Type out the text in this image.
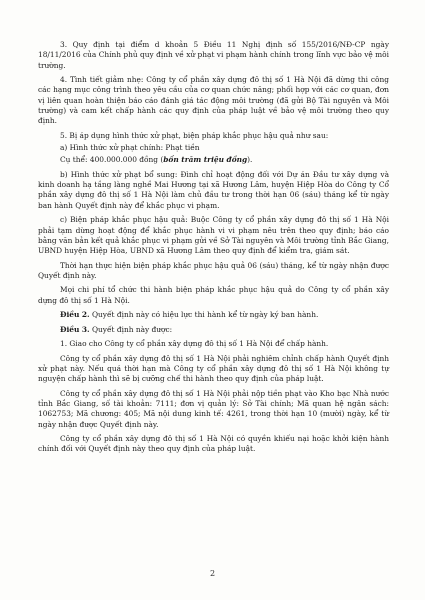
3. Quy định tại điểm d khoản 5 Điều 11 Nghị định số 155/2016/NĐ-CP ngày 18/11/2016 của Chính phủ quy định về xử phạt vi phạm hành chính trong lĩnh vực bảo vệ môi trường.

4. Tình tiết giảm nhẹ: Công ty cổ phần xây dựng đô thị số 1 Hà Nội đã dừng thi công các hạng mục công trình theo yêu cầu của cơ quan chức năng; phối hợp với các cơ quan, đơn vị liên quan hoàn thiện báo cáo đánh giá tác động môi trường (đã gửi Bộ Tài nguyên và Môi trường) và cam kết chấp hành các quy định của pháp luật về bảo vệ môi trường theo quy định.

5. Bị áp dụng hình thức xử phạt, biện pháp khắc phục hậu quả như sau:

a) Hình thức xử phạt chính: Phạt tiền

Cụ thể: 400.000.000 đồng (bốn trăm triệu đồng).

b) Hình thức xử phạt bổ sung: Đình chỉ hoạt động đối với Dự án Đầu tư xây dựng và kinh doanh hạ tầng làng nghề Mai Hương tại xã Hương Lâm, huyện Hiệp Hòa do Công ty Cổ phần xây dựng đô thị số 1 Hà Nội làm chủ đầu tư trong thời hạn 06 (sáu) tháng kể từ ngày ban hành Quyết định này để khắc phục vi phạm.

c) Biện pháp khắc phục hậu quả: Buộc Công ty cổ phần xây dựng đô thị số 1 Hà Nội phải tạm dừng hoạt động để khắc phục hành vi vi phạm nêu trên theo quy định; báo cáo bằng văn bản kết quả khắc phục vi phạm gửi về Sở Tài nguyên và Môi trường tỉnh Bắc Giang, UBND huyện Hiệp Hòa, UBND xã Hương Lâm theo quy định để kiểm tra, giám sát.

Thời hạn thực hiện biện pháp khắc phục hậu quả 06 (sáu) tháng, kể từ ngày nhận được Quyết định này.

Mọi chi phí tổ chức thi hành biện pháp khắc phục hậu quả do Công ty cổ phần xây dựng đô thị số 1 Hà Nội.

Điều 2. Quyết định này có hiệu lực thi hành kể từ ngày ký ban hành.

Điều 3. Quyết định này được:

1. Giao cho Công ty cổ phần xây dựng đô thị số 1 Hà Nội để chấp hành.

Công ty cổ phần xây dựng đô thị số 1 Hà Nội phải nghiêm chỉnh chấp hành Quyết định xử phạt này. Nếu quá thời hạn mà Công ty cổ phần xây dựng đô thị số 1 Hà Nội không tự nguyện chấp hành thì sẽ bị cưỡng chế thi hành theo quy định của pháp luật.

Công ty cổ phần xây dựng đô thị số 1 Hà Nội phải nộp tiền phạt vào Kho bạc Nhà nước tỉnh Bắc Giang, số tài khoản: 7111; đơn vị quản lý: Sở Tài chính; Mã quan hệ ngân sách: 1062753; Mã chương: 405; Mã nội dung kinh tế: 4261, trong thời hạn 10 (mười) ngày, kể từ ngày nhận được Quyết định này.

Công ty cổ phần xây dựng đô thị số 1 Hà Nội có quyền khiếu nại hoặc khởi kiện hành chính đối với Quyết định này theo quy định của pháp luật.

2
